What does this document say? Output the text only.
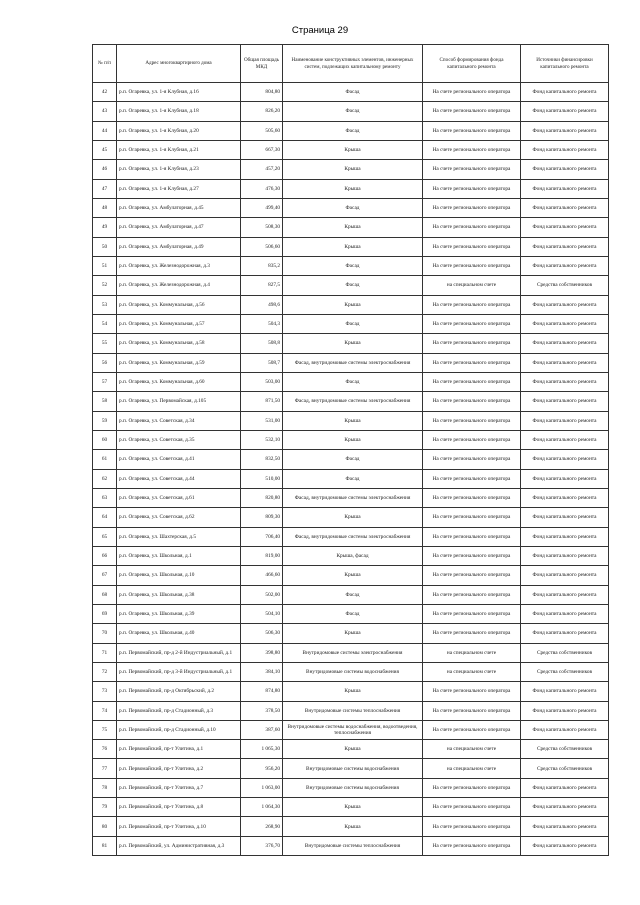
Страница 29
№ п/п	Адрес многоквартирного дома	Общая площадь МКД	Наименование конструктивных элементов, инженерных систем, подлежащих капитальному ремонту	Способ формирования фонда капитального ремонта	Источники финансировки капитального ремонта
42	р.п. Огаревка, ул. 1-я Клубная, д.16	804,80	Фасад	На счете регионального оператора	Фонд капитального ремонта
43	р.п. Огаревка, ул. 1-я Клубная, д.18	826,20	Фасад	На счете регионального оператора	Фонд капитального ремонта
44	р.п. Огаревка, ул. 1-я Клубная, д.20	505,60	Фасад	На счете регионального оператора	Фонд капитального ремонта
45	р.п. Огаревка, ул. 1-я Клубная, д.21	667,30	Крыша	На счете регионального оператора	Фонд капитального ремонта
46	р.п. Огаревка, ул. 1-я Клубная, д.23	457,20	Крыша	На счете регионального оператора	Фонд капитального ремонта
47	р.п. Огаревка, ул. 1-я Клубная, д.27	476,30	Крыша	На счете регионального оператора	Фонд капитального ремонта
48	р.п. Огаревка, ул. Амбулаторная, д.45	499,40	Фасад	На счете регионального оператора	Фонд капитального ремонта
49	р.п. Огаревка, ул. Амбулаторная, д.47	508,30	Крыша	На счете регионального оператора	Фонд капитального ремонта
50	р.п. Огаревка, ул. Амбулаторная, д.49	506,60	Крыша	На счете регионального оператора	Фонд капитального ремонта
51	р.п. Огаревка, ул. Железнодорожная, д.3	835,2	Фасад	На счете регионального оператора	Фонд капитального ремонта
52	р.п. Огаревка, ул. Железнодорожная, д.4	827,5	Фасад	на специальном счете	Средства собственников
53	р.п. Огаревка, ул. Коммунальная, д.56	498,6	Крыша	На счете регионального оператора	Фонд капитального ремонта
54	р.п. Огаревка, ул. Коммунальная, д.57	504,3	Фасад	На счете регионального оператора	Фонд капитального ремонта
55	р.п. Огаревка, ул. Коммунальная, д.58	508,8	Крыша	На счете регионального оператора	Фонд капитального ремонта
56	р.п. Огаревка, ул. Коммунальная, д.59	508,7	Фасад, внутридомовые системы электроснабжения	На счете регионального оператора	Фонд капитального ремонта
57	р.п. Огаревка, ул. Коммунальная, д.60	503,00	Фасад	На счете регионального оператора	Фонд капитального ремонта
58	р.п. Огаревка, ул. Первомайская, д.105	871,50	Фасад, внутридомовые системы электроснабжения	На счете регионального оператора	Фонд капитального ремонта
59	р.п. Огаревка, ул. Советская, д.34	531,00	Крыша	На счете регионального оператора	Фонд капитального ремонта
60	р.п. Огаревка, ул. Советская, д.35	532,10	Крыша	На счете регионального оператора	Фонд капитального ремонта
61	р.п. Огаревка, ул. Советская, д.41	832,50	Фасад	На счете регионального оператора	Фонд капитального ремонта
62	р.п. Огаревка, ул. Советская, д.44	510,00	Фасад	На счете регионального оператора	Фонд капитального ремонта
63	р.п. Огаревка, ул. Советская, д.61	820,80	Фасад, внутридомовые системы электроснабжения	На счете регионального оператора	Фонд капитального ремонта
64	р.п. Огаревка, ул. Советская, д.62	809,30	Крыша	На счете регионального оператора	Фонд капитального ремонта
65	р.п. Огаревка, ул. Шахтерская, д.5	706,40	Фасад, внутридомовые системы электроснабжения	На счете регионального оператора	Фонд капитального ремонта
66	р.п. Огаревка, ул. Школьная, д.1	819,00	Крыша, фасад	На счете регионального оператора	Фонд капитального ремонта
67	р.п. Огаревка, ул. Школьная, д.10	466,60	Крыша	На счете регионального оператора	Фонд капитального ремонта
68	р.п. Огаревка, ул. Школьная, д.38	502,00	Фасад	На счете регионального оператора	Фонд капитального ремонта
69	р.п. Огаревка, ул. Школьная, д.39	504,10	Фасад	На счете регионального оператора	Фонд капитального ремонта
70	р.п. Огаревка, ул. Школьная, д.40	506,30	Крыша	На счете регионального оператора	Фонд капитального ремонта
71	р.п. Первомайский, пр-д 2-й Индустриальный, д.1	398,80	Внутридомовые системы электроснабжения	на специальном счете	Средства собственников
72	р.п. Первомайский, пр-д 3-й Индустриальный, д.1	384,10	Внутридомовые системы водоснабжения	на специальном счете	Средства собственников
73	р.п. Первомайский, пр-д Октябрьский, д.2	874,80	Крыша	На счете регионального оператора	Фонд капитального ремонта
74	р.п. Первомайский, пр-д Стадионный, д.3	378,50	Внутридомовые системы теплоснабжения	На счете регионального оператора	Фонд капитального ремонта
75	р.п. Первомайский, пр-д Стадионный, д.10	387,60	Внутридомовые системы водоснабжения, водоотведения, теплоснабжения	На счете регионального оператора	Фонд капитального ремонта
76	р.п. Первомайский, пр-т Улитина, д.1	1 065,30	Крыша	на специальном счете	Средства собственников
77	р.п. Первомайский, пр-т Улитина, д.2	956,20	Внутридомовые системы водоснабжения	на специальном счете	Средства собственников
78	р.п. Первомайский, пр-т Улитина, д.7	1 063,00	Внутридомовые системы водоснабжения	На счете регионального оператора	Фонд капитального ремонта
79	р.п. Первомайский, пр-т Улитина, д.8	1 064,30	Крыша	На счете регионального оператора	Фонд капитального ремонта
80	р.п. Первомайский, пр-т Улитина, д.10	268,90	Крыша	На счете регионального оператора	Фонд капитального ремонта
81	р.п. Первомайский, ул. Административная, д.3	376,70	Внутридомовые системы теплоснабжения	На счете регионального оператора	Фонд капитального ремонта
